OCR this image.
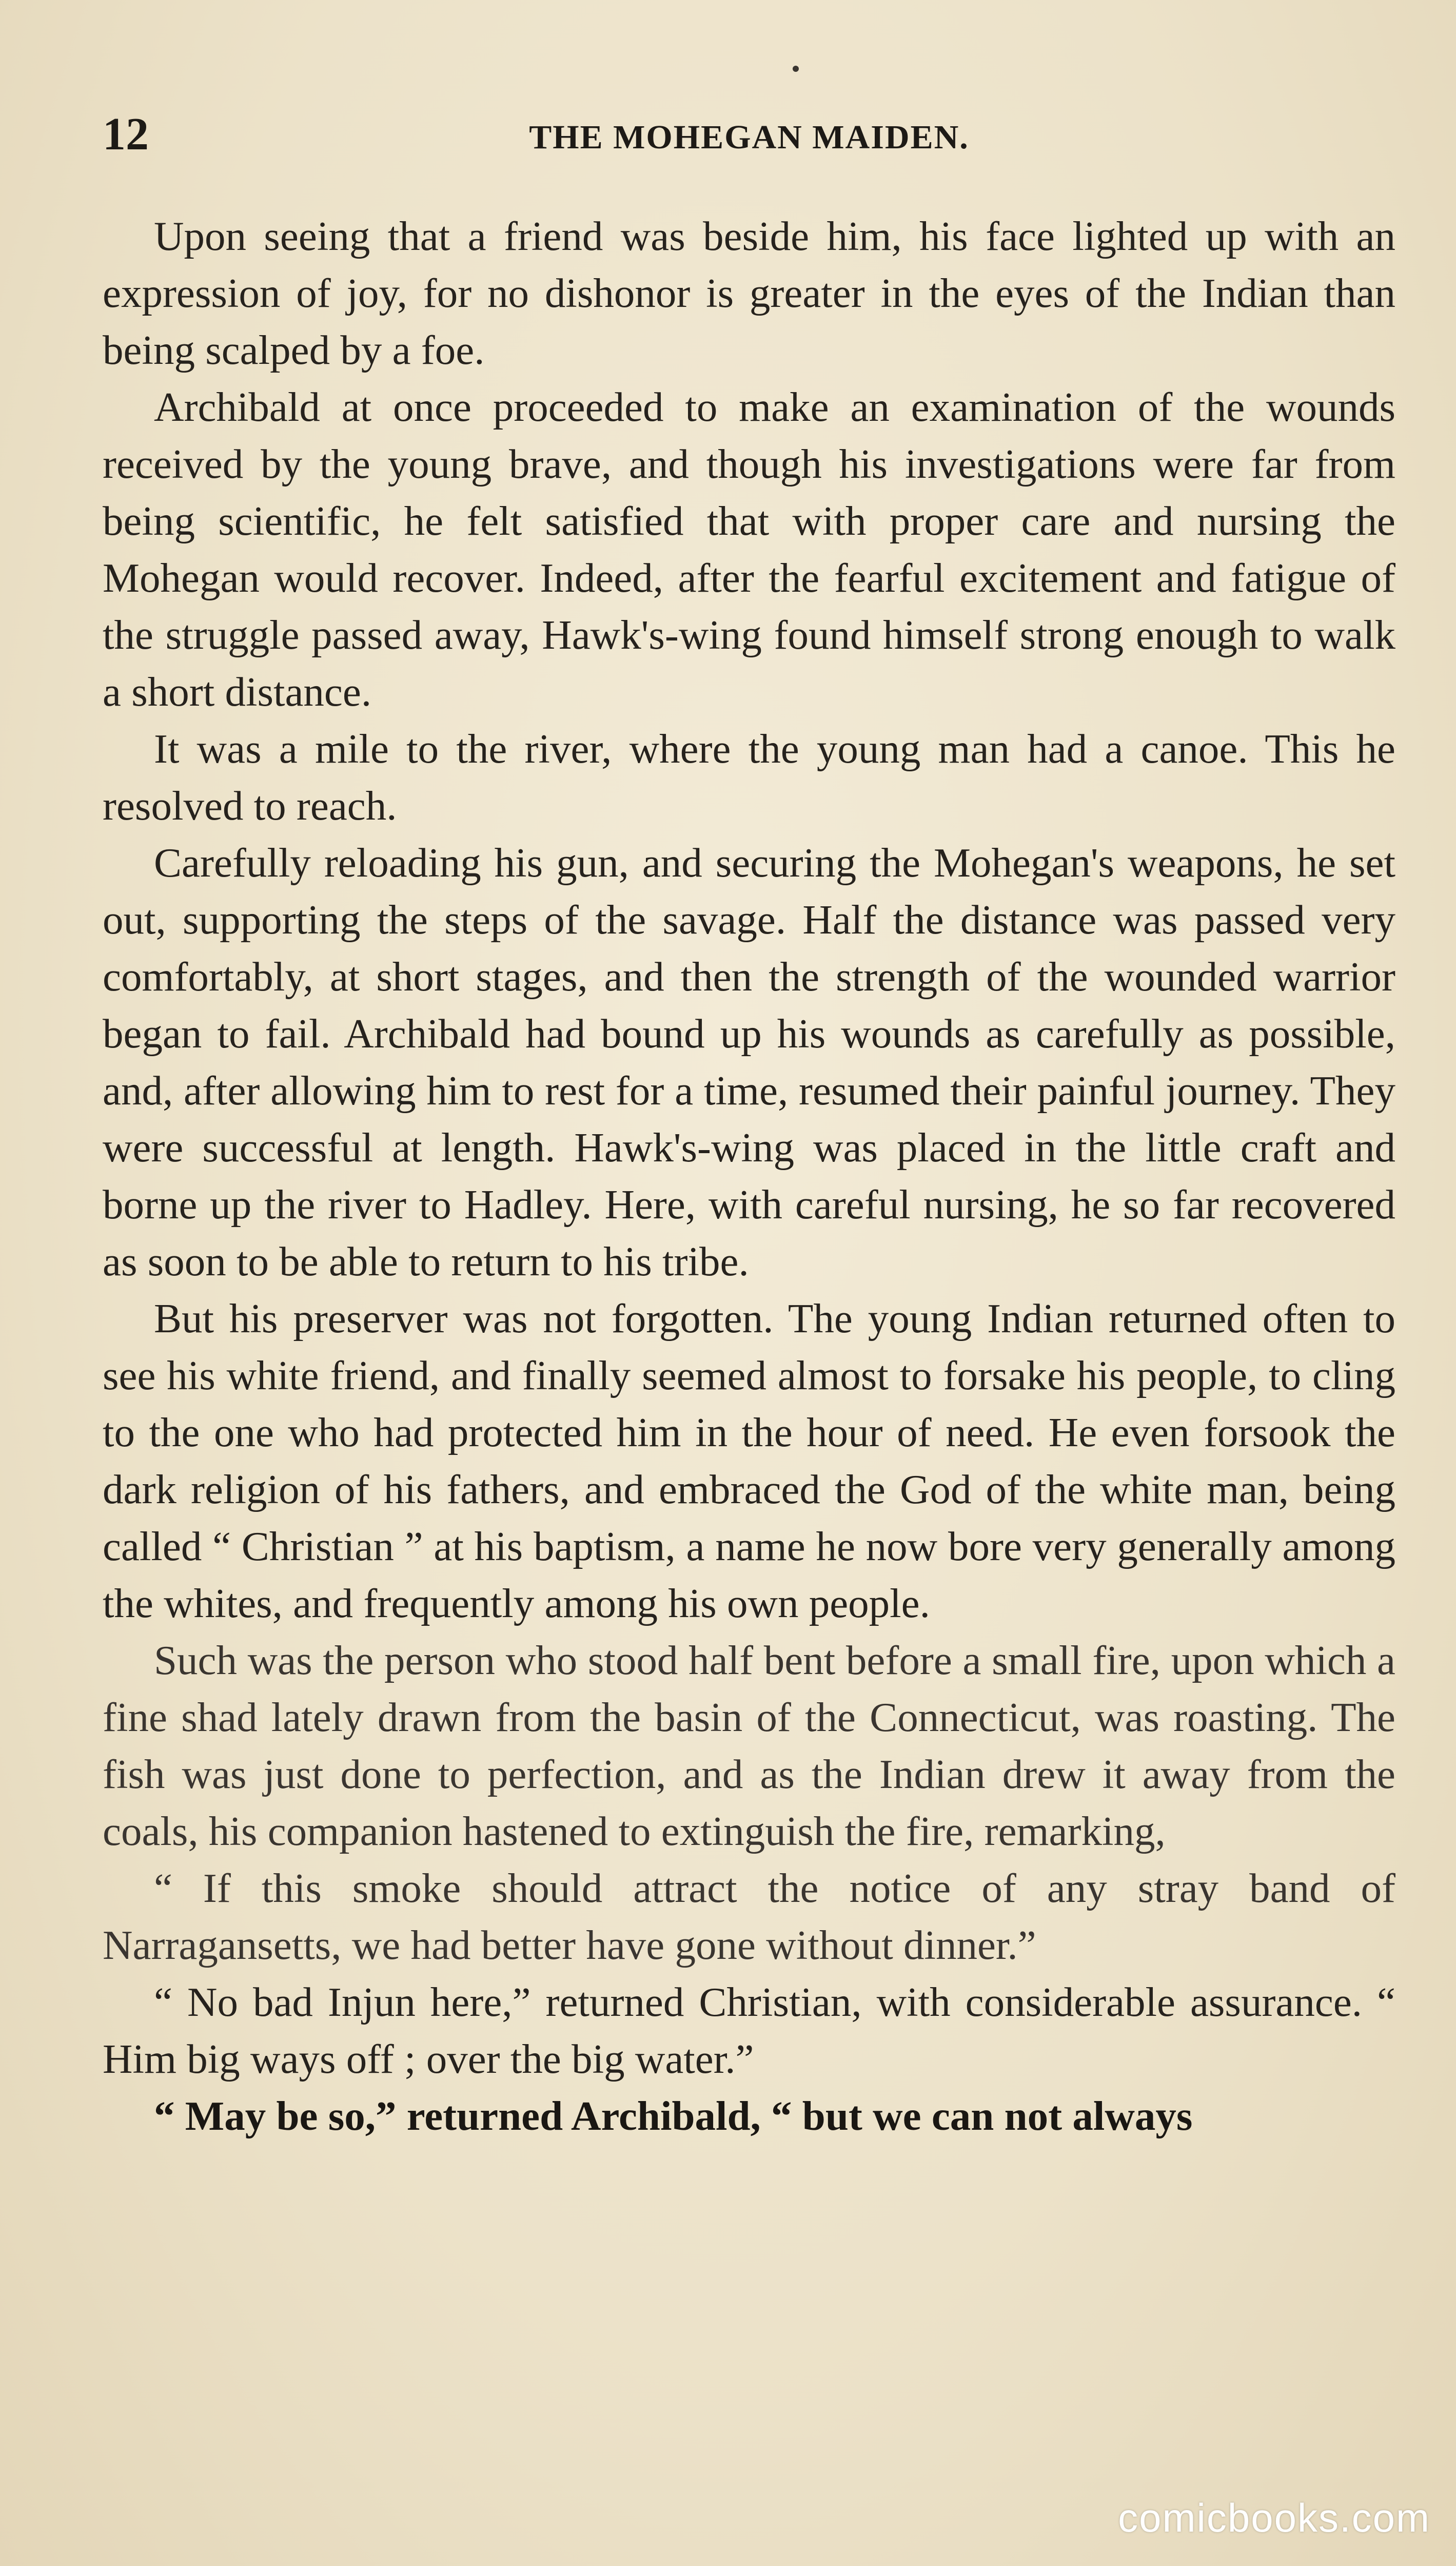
12	THE MOHEGAN MAIDEN.

Upon seeing that a friend was beside him, his face lighted up with an expression of joy, for no dishonor is greater in the eyes of the Indian than being scalped by a foe.

Archibald at once proceeded to make an examination of the wounds received by the young brave, and though his investigations were far from being scientific, he felt satisfied that with proper care and nursing the Mohegan would recover. Indeed, after the fearful excitement and fatigue of the struggle passed away, Hawk's-wing found himself strong enough to walk a short distance.

It was a mile to the river, where the young man had a canoe. This he resolved to reach.

Carefully reloading his gun, and securing the Mohegan's weapons, he set out, supporting the steps of the savage. Half the distance was passed very comfortably, at short stages, and then the strength of the wounded warrior began to fail. Archibald had bound up his wounds as carefully as possible, and, after allowing him to rest for a time, resumed their painful journey. They were successful at length. Hawk's-wing was placed in the little craft and borne up the river to Hadley. Here, with careful nursing, he so far recovered as soon to be able to return to his tribe.

But his preserver was not forgotten. The young Indian returned often to see his white friend, and finally seemed almost to forsake his people, to cling to the one who had protected him in the hour of need. He even forsook the dark religion of his fathers, and embraced the God of the white man, being called “ Christian ” at his baptism, a name he now bore very generally among the whites, and frequently among his own people.

Such was the person who stood half bent before a small fire, upon which a fine shad lately drawn from the basin of the Connecticut, was roasting. The fish was just done to perfection, and as the Indian drew it away from the coals, his companion hastened to extinguish the fire, remarking,

“ If this smoke should attract the notice of any stray band of Narragansetts, we had better have gone without dinner.”

“ No bad Injun here,” returned Christian, with considerable assurance. “ Him big ways off ; over the big water.”

“ May be so,” returned Archibald, “ but we can not always

comicbooks.com
